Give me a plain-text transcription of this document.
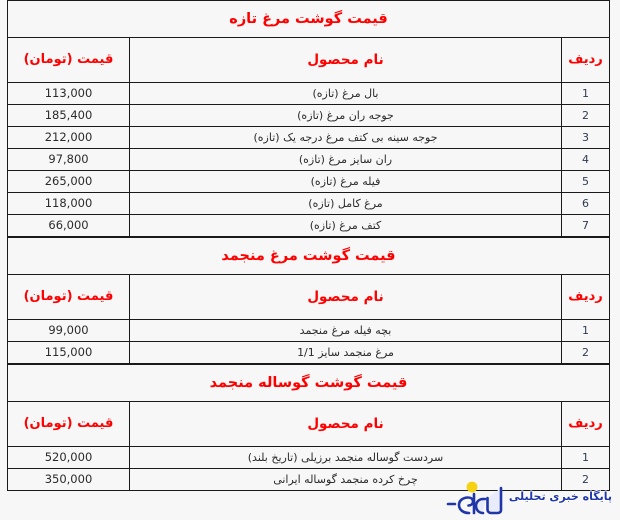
قیمت گوشت مرغ تازه		
ردیف	نام محصول	قیمت (تومان)
1	بال مرغ (تازه)	113,000
2	جوجه ران مرغ (تازه)	185,400
3	جوجه سینه بی کتف مرغ درجه یک (تازه)	212,000
4	ران سایز مرغ (تازه)	97,800
5	فیله مرغ (تازه)	265,000
6	مرغ کامل (تازه)	118,000
7	کتف مرغ (تازه)	66,000
قیمت گوشت مرغ منجمد		
ردیف	نام محصول	قیمت (تومان)
1	بچه فیله مرغ منجمد	99,000
2	مرغ منجمد سایز 1/1	115,000
قیمت گوشت گوساله منجمد		
ردیف	نام محصول	قیمت (تومان)
1	سردست گوساله منجمد برزیلی (تاریخ بلند)	520,000
2	چرخ کرده منجمد گوساله ایرانی	350,000
پایگاه خبری تحلیلی
